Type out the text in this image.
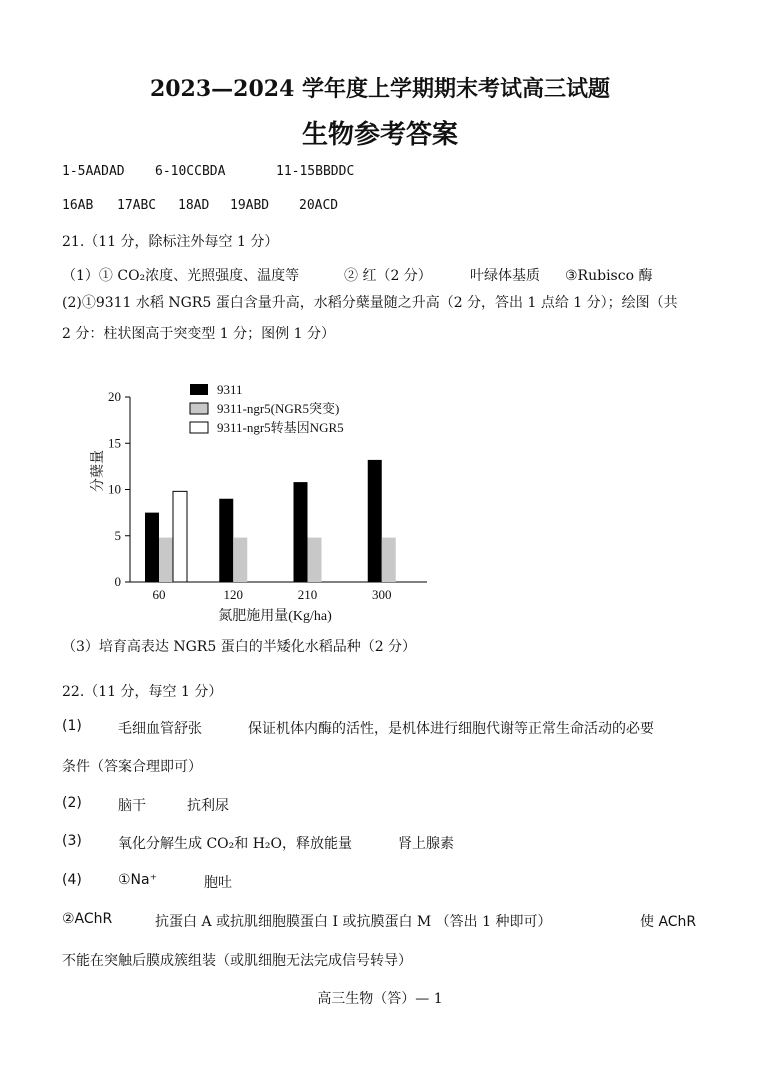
2023—2024 学年度上学期期末考试高三试题
生物参考答案
1-5AADAD 6-10CCBDA	11-15BBDDC
16AB 17ABC 18AD 19ABD 20ACD
21.（11 分，除标注外每空 1 分）
（1）① CO₂浓度、光照强度、温度等	② 红（2 分）	叶绿体基质 ③Rubisco 酶
(2)①9311 水稻 NGR5 蛋白含量升高，水稻分蘖量随之升高（2 分，答出 1 点给 1 分）；绘图（共
2 分：柱状图高于突变型 1 分；图例 1 分）
0
5
10
15
20
分蘖量
60	120	210	300
氮肥施用量(Kg/ha)
9311
9311-ngr5(NGR5突变)
9311-ngr5转基因NGR5
（3）培育高表达 NGR5 蛋白的半矮化水稻品种（2 分）
22.（11 分，每空 1 分）
(1)	毛细血管舒张	保证机体内酶的活性，是机体进行细胞代谢等正常生命活动的必要
条件（答案合理即可）
(2)	脑干	抗利尿
(3)	氧化分解生成 CO₂和 H₂O，释放能量	肾上腺素
(4)	①Na⁺	胞吐
②AChR	抗蛋白 A 或抗肌细胞膜蛋白 I 或抗膜蛋白 M （答出 1 种即可）	使 AChR
不能在突触后膜成簇组装（或肌细胞无法完成信号转导）
高三生物（答）— 1
